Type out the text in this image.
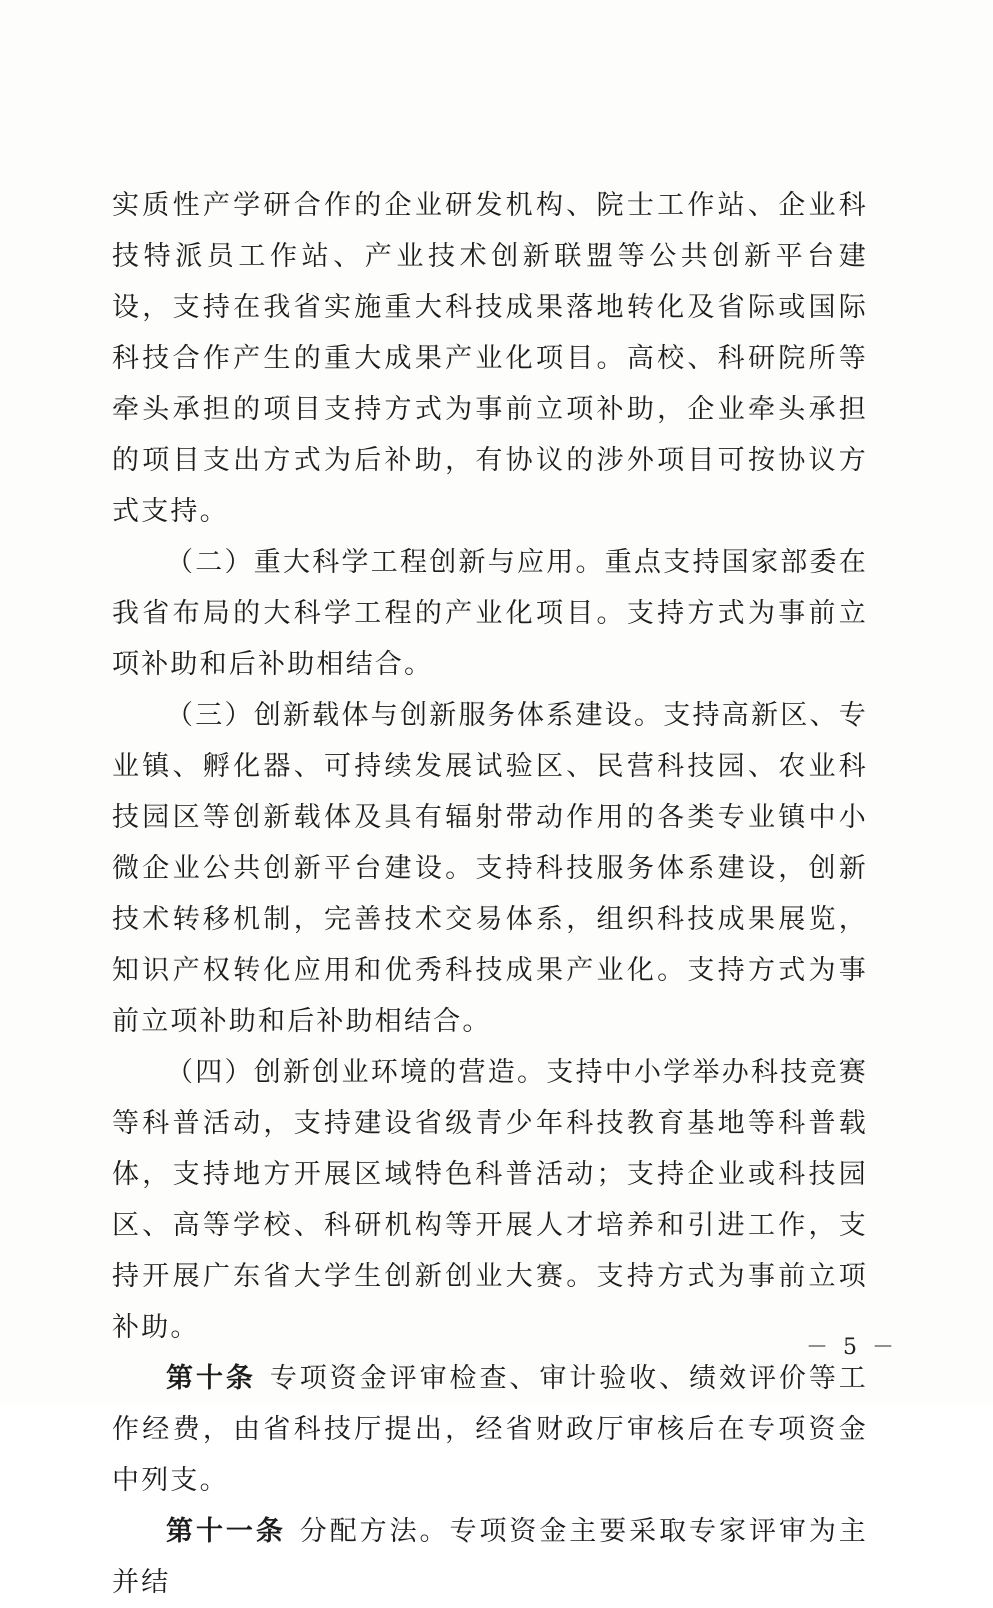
实质性产学研合作的企业研发机构、院士工作站、企业科技特派员工作站、产业技术创新联盟等公共创新平台建设，支持在我省实施重大科技成果落地转化及省际或国际科技合作产生的重大成果产业化项目。高校、科研院所等牵头承担的项目支持方式为事前立项补助，企业牵头承担的项目支出方式为后补助，有协议的涉外项目可按协议方式支持。

（二）重大科学工程创新与应用。重点支持国家部委在我省布局的大科学工程的产业化项目。支持方式为事前立项补助和后补助相结合。

（三）创新载体与创新服务体系建设。支持高新区、专业镇、孵化器、可持续发展试验区、民营科技园、农业科技园区等创新载体及具有辐射带动作用的各类专业镇中小微企业公共创新平台建设。支持科技服务体系建设，创新技术转移机制，完善技术交易体系，组织科技成果展览，知识产权转化应用和优秀科技成果产业化。支持方式为事前立项补助和后补助相结合。

（四）创新创业环境的营造。支持中小学举办科技竞赛等科普活动，支持建设省级青少年科技教育基地等科普载体，支持地方开展区域特色科普活动；支持企业或科技园区、高等学校、科研机构等开展人才培养和引进工作，支持开展广东省大学生创新创业大赛。支持方式为事前立项补助。

第十条 专项资金评审检查、审计验收、绩效评价等工作经费，由省科技厅提出，经省财政厅审核后在专项资金中列支。

第十一条 分配方法。专项资金主要采取专家评审为主并结

－ 5 －
